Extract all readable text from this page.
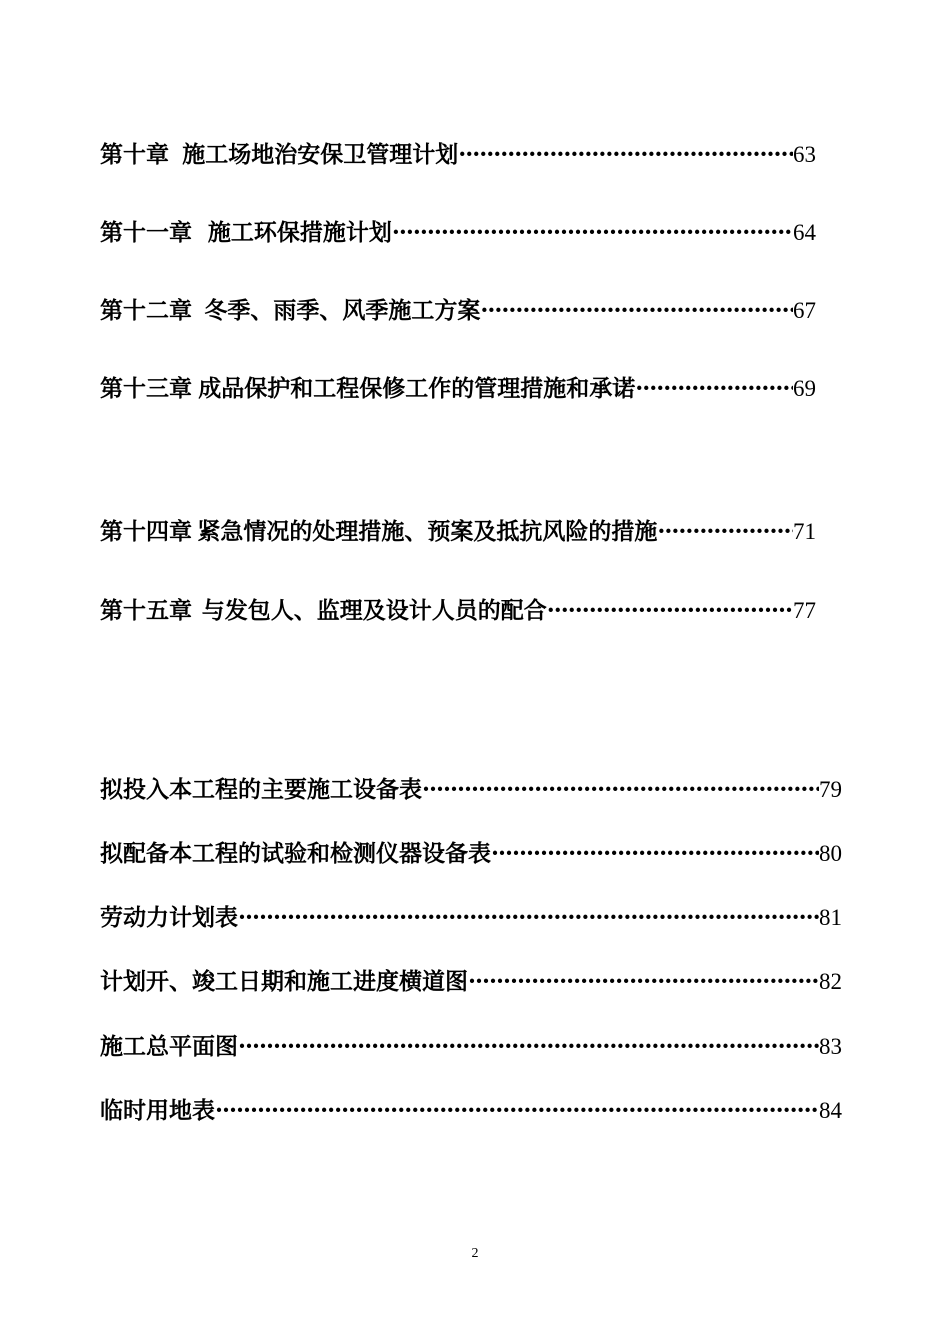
第十章 施工场地治安保卫管理计划 ·····	63
第十一章 施工环保措施计划 ·····	64
第十二章 冬季、雨季、风季施工方案 ·····	67
第十三章 成品保护和工程保修工作的管理措施和承诺 ·····	69
第十四章 紧急情况的处理措施、预案及抵抗风险的措施 ·····	71
第十五章 与发包人、监理及设计人员的配合 ·····	77
拟投入本工程的主要施工设备表 ·····	79
拟配备本工程的试验和检测仪器设备表 ·····	80
劳动力计划表 ·····	81
计划开、竣工日期和施工进度横道图 ·····	82
施工总平面图 ·····	83
临时用地表 ·····	84
2
